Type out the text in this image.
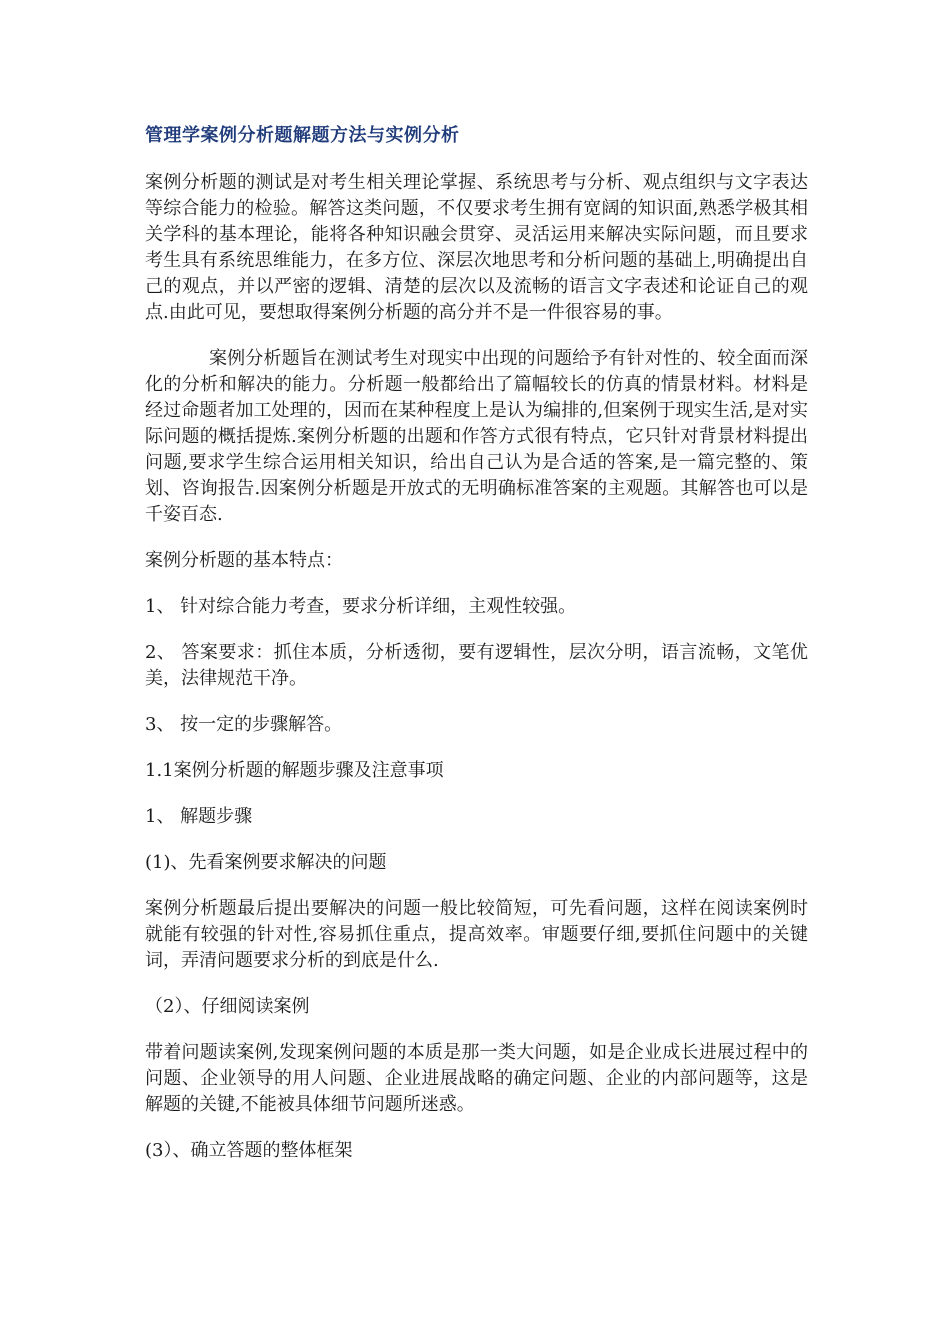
管理学案例分析题解题方法与实例分析

案例分析题的测试是对考生相关理论掌握、系统思考与分析、观点组织与文字表达等综合能力的检验。解答这类问题，不仅要求考生拥有宽阔的知识面,熟悉学极其相关学科的基本理论，能将各种知识融会贯穿、灵活运用来解决实际问题，而且要求考生具有系统思维能力，在多方位、深层次地思考和分析问题的基础上,明确提出自己的观点，并以严密的逻辑、清楚的层次以及流畅的语言文字表述和论证自己的观点.由此可见，要想取得案例分析题的高分并不是一件很容易的事。

案例分析题旨在测试考生对现实中出现的问题给予有针对性的、较全面而深化的分析和解决的能力。分析题一般都给出了篇幅较长的仿真的情景材料。材料是经过命题者加工处理的，因而在某种程度上是认为编排的,但案例于现实生活,是对实际问题的概括提炼.案例分析题的出题和作答方式很有特点，它只针对背景材料提出问题,要求学生综合运用相关知识，给出自己认为是合适的答案,是一篇完整的、策划、咨询报告.因案例分析题是开放式的无明确标准答案的主观题。其解答也可以是千姿百态.

案例分析题的基本特点：

1、 针对综合能力考查，要求分析详细，主观性较强。

2、 答案要求：抓住本质，分析透彻，要有逻辑性，层次分明，语言流畅，文笔优美，法律规范干净。

3、 按一定的步骤解答。

1.1案例分析题的解题步骤及注意事项

1、 解题步骤

(1)、先看案例要求解决的问题

案例分析题最后提出要解决的问题一般比较简短，可先看问题，这样在阅读案例时就能有较强的针对性,容易抓住重点，提高效率。审题要仔细,要抓住问题中的关键词，弄清问题要求分析的到底是什么.

（2）、仔细阅读案例

带着问题读案例,发现案例问题的本质是那一类大问题，如是企业成长进展过程中的问题、企业领导的用人问题、企业进展战略的确定问题、企业的内部问题等，这是解题的关键,不能被具体细节问题所迷惑。

(3）、确立答题的整体框架
